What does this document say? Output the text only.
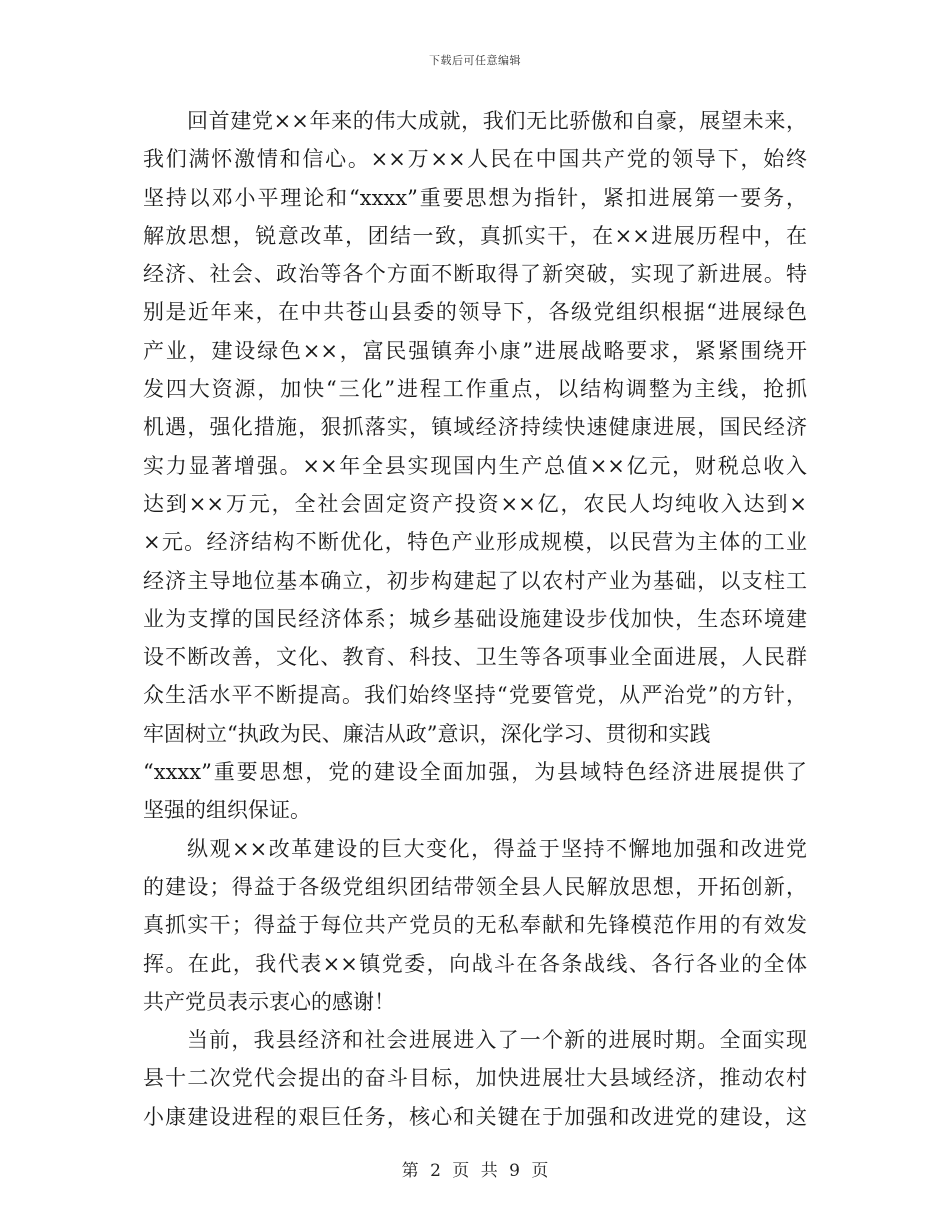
下载后可任意编辑
回首建党××年来的伟大成就，我们无比骄傲和自豪，展望未来，
我们满怀激情和信心。××万××人民在中国共产党的领导下，始终
坚持以邓小平理论和“xxxx”重要思想为指针，紧扣进展第一要务，
解放思想，锐意改革，团结一致，真抓实干，在××进展历程中，在
经济、社会、政治等各个方面不断取得了新突破，实现了新进展。特
别是近年来，在中共苍山县委的领导下，各级党组织根据“进展绿色
产业，建设绿色××，富民强镇奔小康”进展战略要求，紧紧围绕开
发四大资源，加快“三化”进程工作重点，以结构调整为主线，抢抓
机遇，强化措施，狠抓落实，镇域经济持续快速健康进展，国民经济
实力显著增强。××年全县实现国内生产总值××亿元，财税总收入
达到××万元，全社会固定资产投资××亿，农民人均纯收入达到×
×元。经济结构不断优化，特色产业形成规模，以民营为主体的工业
经济主导地位基本确立，初步构建起了以农村产业为基础，以支柱工
业为支撑的国民经济体系；城乡基础设施建设步伐加快，生态环境建
设不断改善，文化、教育、科技、卫生等各项事业全面进展，人民群
众生活水平不断提高。我们始终坚持“党要管党，从严治党”的方针，
牢固树立“执政为民、廉洁从政”意识，深化学习、贯彻和实践
“xxxx”重要思想，党的建设全面加强，为县域特色经济进展提供了
坚强的组织保证。
纵观××改革建设的巨大变化，得益于坚持不懈地加强和改进党
的建设；得益于各级党组织团结带领全县人民解放思想，开拓创新，
真抓实干；得益于每位共产党员的无私奉献和先锋模范作用的有效发
挥。在此，我代表××镇党委，向战斗在各条战线、各行各业的全体
共产党员表示衷心的感谢！
当前，我县经济和社会进展进入了一个新的进展时期。全面实现
县十二次党代会提出的奋斗目标，加快进展壮大县域经济，推动农村
小康建设进程的艰巨任务，核心和关键在于加强和改进党的建设，这
第 2 页 共 9 页
